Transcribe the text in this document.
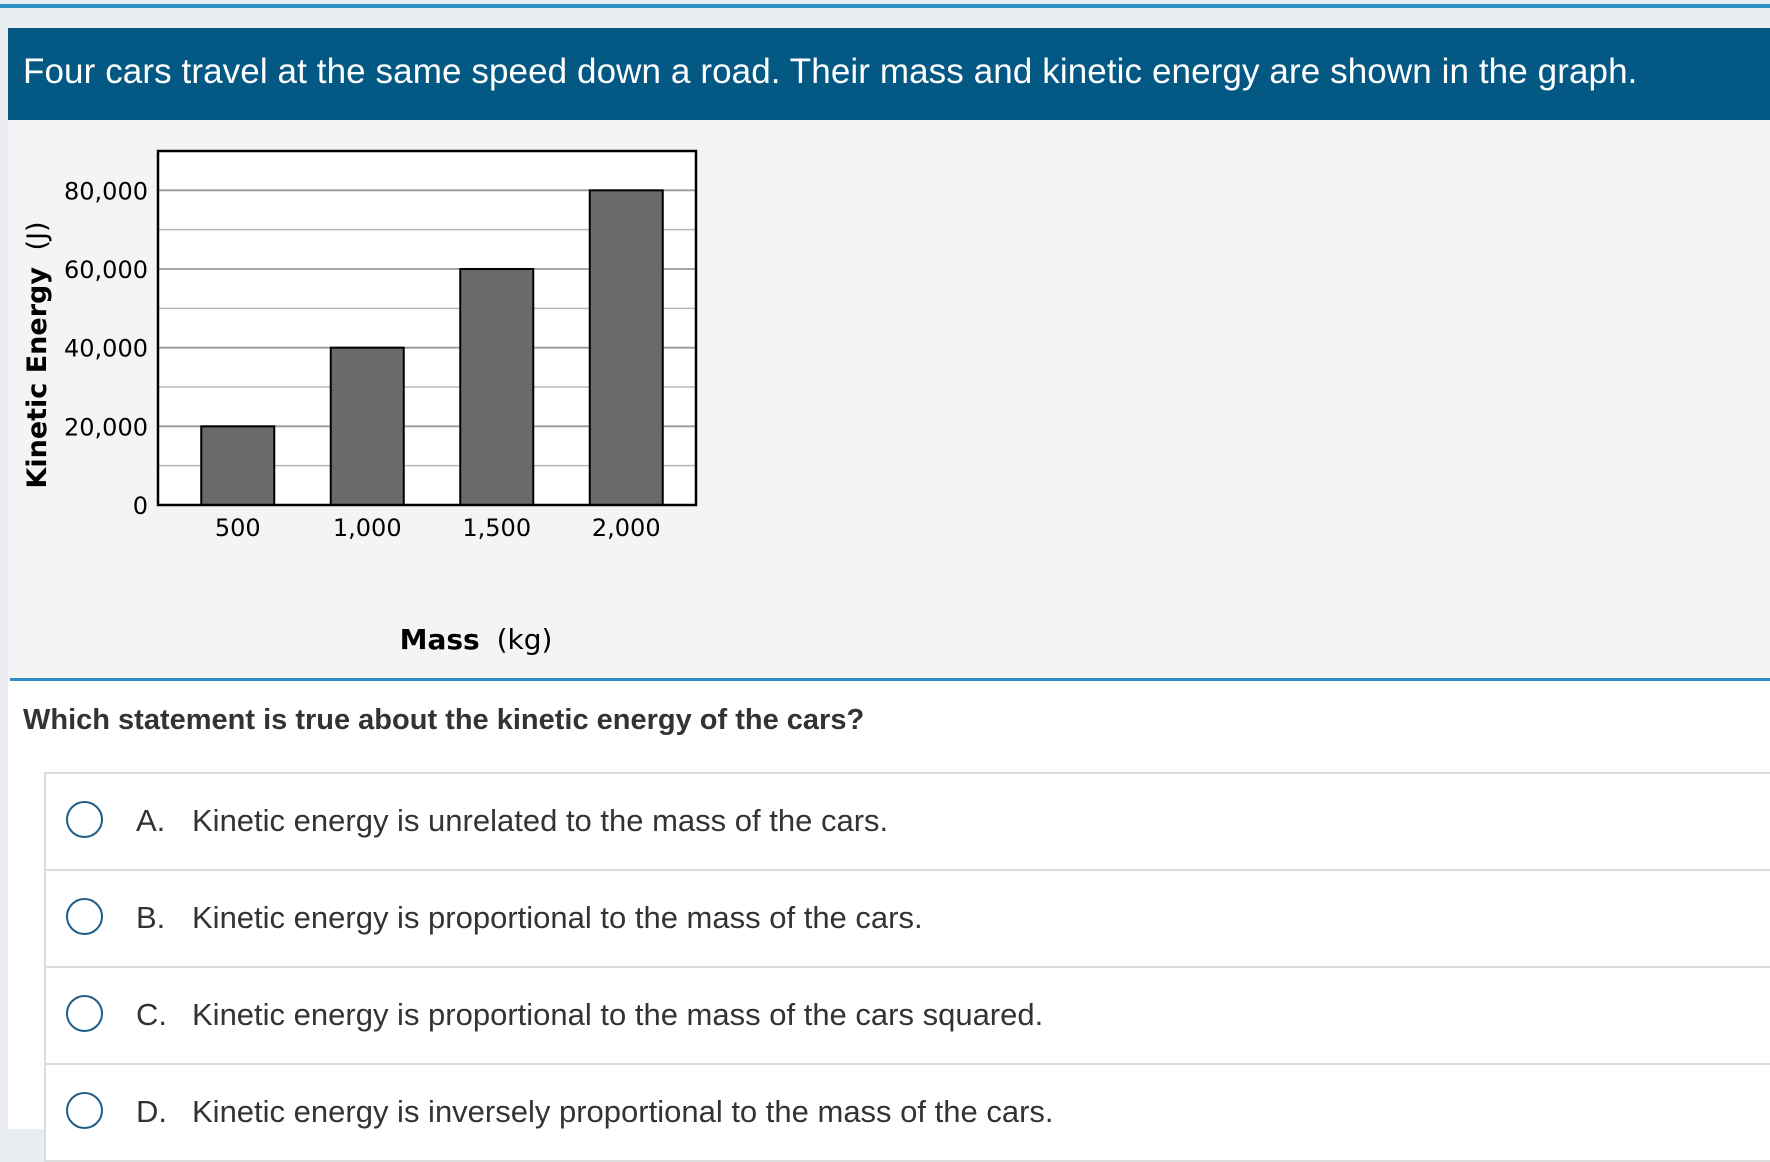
Four cars travel at the same speed down a road. Their mass and kinetic energy are shown in the graph.
Kinetic Energy (J)
Mass (kg)
0
20,000
40,000
60,000
80,000
500	1,000	1,500	2,000
Which statement is true about the kinetic energy of the cars?
A. Kinetic energy is unrelated to the mass of the cars.
B. Kinetic energy is proportional to the mass of the cars.
C. Kinetic energy is proportional to the mass of the cars squared.
D. Kinetic energy is inversely proportional to the mass of the cars.
